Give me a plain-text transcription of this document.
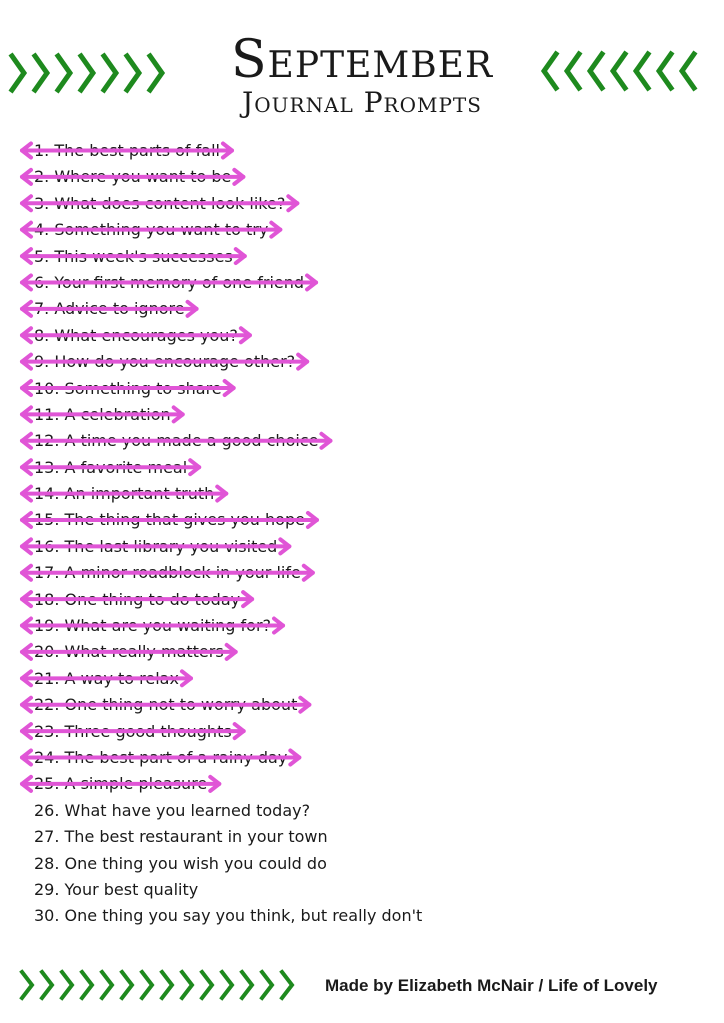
September
Journal Prompts
1. The best parts of fall
2. Where you want to be
3. What does content look like?
4. Something you want to try
5. This week's successes
6. Your first memory of one friend
7. Advice to ignore
8. What encourages you?
9. How do you encourage other?
10. Something to share
11. A celebration
12. A time you made a good choice
13. A favorite meal
14. An important truth
15. The thing that gives you hope
16. The last library you visited
17. A minor roadblock in your life
18. One thing to do today
19. What are you waiting for?
20. What really matters
21. A way to relax
22. One thing not to worry about
23. Three good thoughts
24. The best part of a rainy day
25. A simple pleasure
26. What have you learned today?
27. The best restaurant in your town
28. One thing you wish you could do
29. Your best quality
30. One thing you say you think, but really don't
Made by Elizabeth McNair / Life of Lovely
